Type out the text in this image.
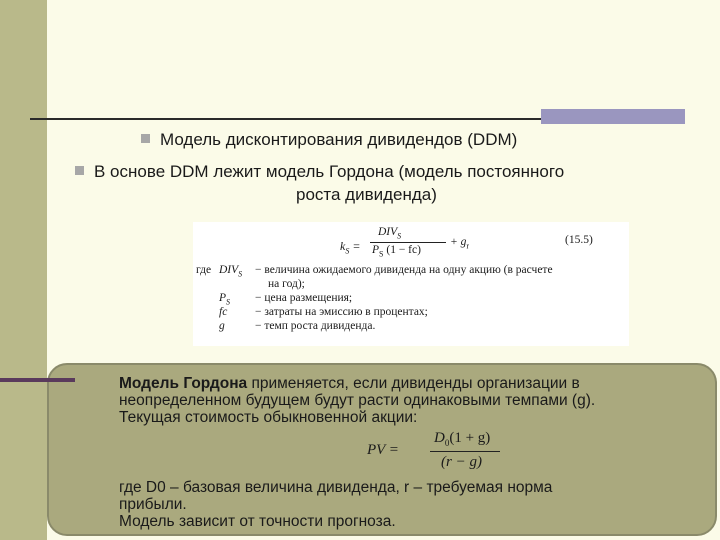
Модель дисконтирования дивидендов (DDM)
В основе DDM лежит модель Гордона (модель постоянного
роста дивиденда)
$k_S$ =
$DIV_S$
$P_S$ (1 − fc)
+ $g_r$	(15.5)
где $DIV_S$ − величина ожидаемого дивиденда на одну акцию (в расчете
на год);
$P_S$ − цена размещения;
fc − затраты на эмиссию в процентах;
g	− темп роста дивиденда.
Модель Гордона применяется, если дивиденды организации в
неопределенном будущем будут расти одинаковыми темпами (g).
Текущая стоимость обыкновенной акции:
PV =
$D_0(1 + g)$
(r − g)
где D0 – базовая величина дивиденда, r – требуемая норма
прибыли.
Модель зависит от точности прогноза.
